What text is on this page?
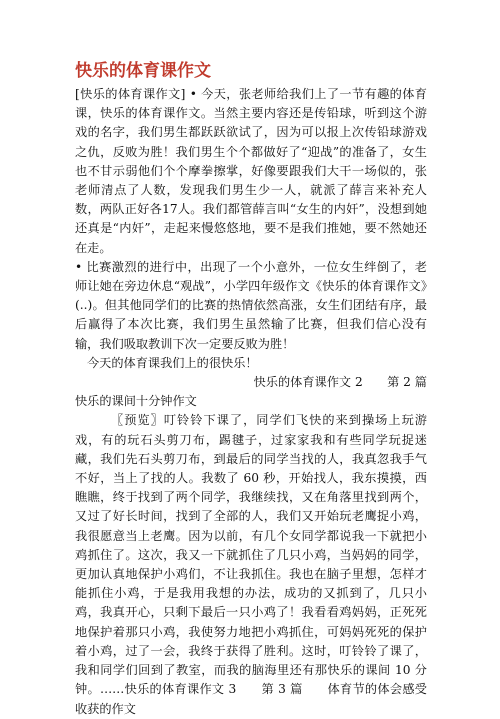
快乐的体育课作文

[快乐的体育课作文] • 今天，张老师给我们上了一节有趣的体育课，快乐的体育课作文。当然主要内容还是传铅球，听到这个游戏的名字，我们男生都跃跃欲试了，因为可以报上次传铅球游戏之仇，反败为胜！我们男生个个都做好了“迎战”的准备了，女生也不甘示弱他们个个摩拳擦掌，好像要跟我们大干一场似的，张老师清点了人数，发现我们男生少一人，就派了薛言来补充人数，两队正好各17人。我们都管薛言叫“女生的内奸”，没想到她还真是“内奸”，走起来慢悠悠地，要不是我们推她，要不然她还在走。

• 比赛激烈的进行中，出现了一个小意外，一位女生绊倒了，老师让她在旁边休息“观战”，小学四年级作文《快乐的体育课作文》(..)。但其他同学们的比赛的热情依然高涨，女生们团结有序，最后赢得了本次比赛，我们男生虽然输了比赛，但我们信心没有输，我们吸取教训下次一定要反败为胜！

今天的体育课我们上的很快乐！

快乐的体育课作文 2　　第 2 篇

快乐的课间十分钟作文

〖预览〗叮铃铃下课了，同学们飞快的来到操场上玩游戏，有的玩石头剪刀布，踢毽子，过家家我和有些同学玩捉迷藏，我们先石头剪刀布，到最后的同学当找的人，我真忽我手气不好，当上了找的人。我数了 60 秒，开始找人，我东摸摸，西瞧瞧，终于找到了两个同学，我继续找，又在角落里找到两个，又过了好长时间，找到了全部的人，我们又开始玩老鹰捉小鸡，我很愿意当上老鹰。因为以前，有几个女同学都说我一下就把小鸡抓住了。这次，我又一下就抓住了几只小鸡，当妈妈的同学，更加认真地保护小鸡们，不让我抓住。我也在脑子里想，怎样才能抓住小鸡，于是我用我想的办法，成功的又抓到了，几只小鸡，我真开心，只剩下最后一只小鸡了！我看看鸡妈妈，正死死地保护着那只小鸡，我使努力地把小鸡抓住，可妈妈死死的保护着小鸡，过了一会，我终于获得了胜利。这时，叮铃铃了课了，我和同学们回到了教室，而我的脑海里还有那快乐的课间 10 分钟。……快乐的体育课作文 3　　第 3 篇　　体育节的体会感受收获的作文
